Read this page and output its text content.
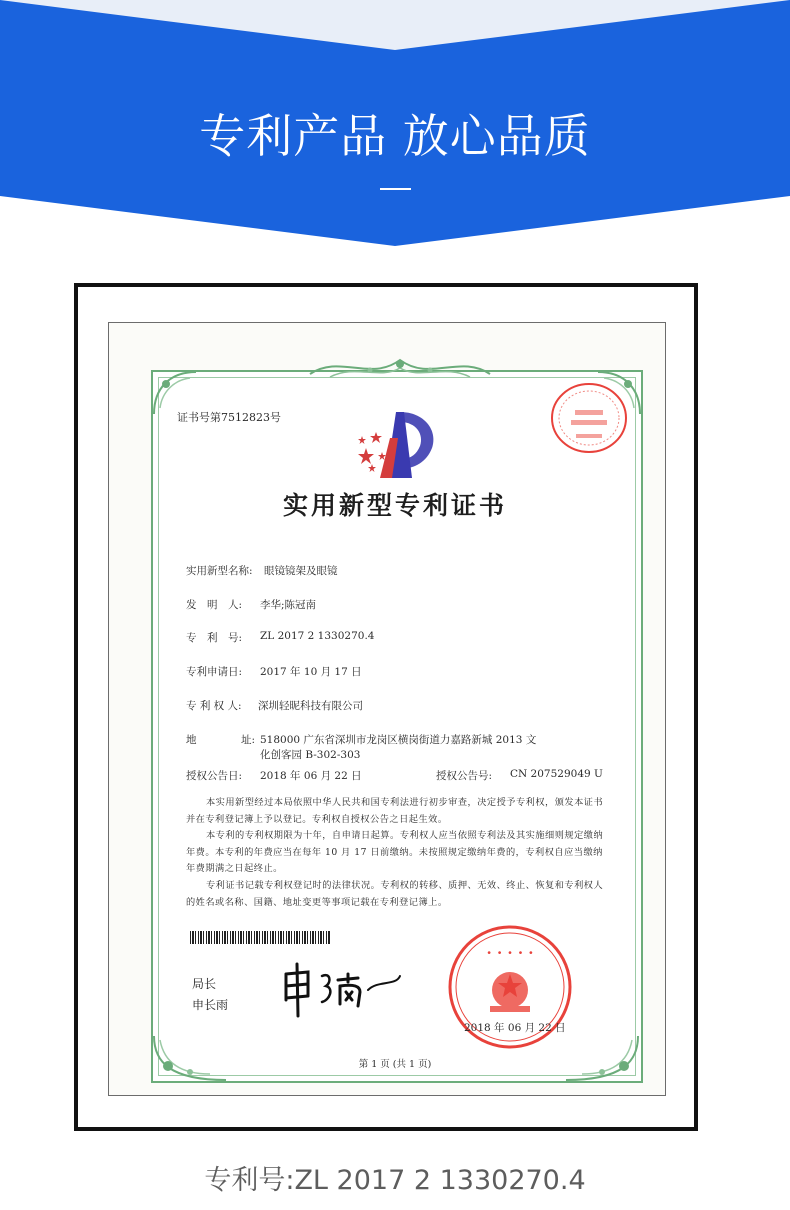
专利产品 放心品质
证书号第7512823号
实用新型专利证书
实用新型名称: 眼镜镜架及眼镜
发　明　人: 李华;陈冠南
专　利　号: ZL 2017 2 1330270.4
专利申请日: 2017 年 10 月 17 日
专 利 权 人: 深圳轻昵科技有限公司
地	址: 518000 广东省深圳市龙岗区横岗街道力嘉路新城 2013 文
化创客园 B-302-303
授权公告日: 2018 年 06 月 22 日	授权公告号: CN 207529049 U
本实用新型经过本局依照中华人民共和国专利法进行初步审查，决定授予专利权，颁发本证书并在专利登记簿上予以登记。专利权自授权公告之日起生效。
本专利的专利权期限为十年，自申请日起算。专利权人应当依照专利法及其实施细则规定缴纳年费。本专利的年费应当在每年 10 月 17 日前缴纳。未按照规定缴纳年费的，专利权自应当缴纳年费期满之日起终止。
专利证书记载专利权登记时的法律状况。专利权的转移、质押、无效、终止、恢复和专利权人的姓名或名称、国籍、地址变更等事项记载在专利登记簿上。
局长
申长雨
· · · · ·
2018 年 06 月 22 日
第 1 页 (共 1 页)
专利号:ZL 2017 2 1330270.4
